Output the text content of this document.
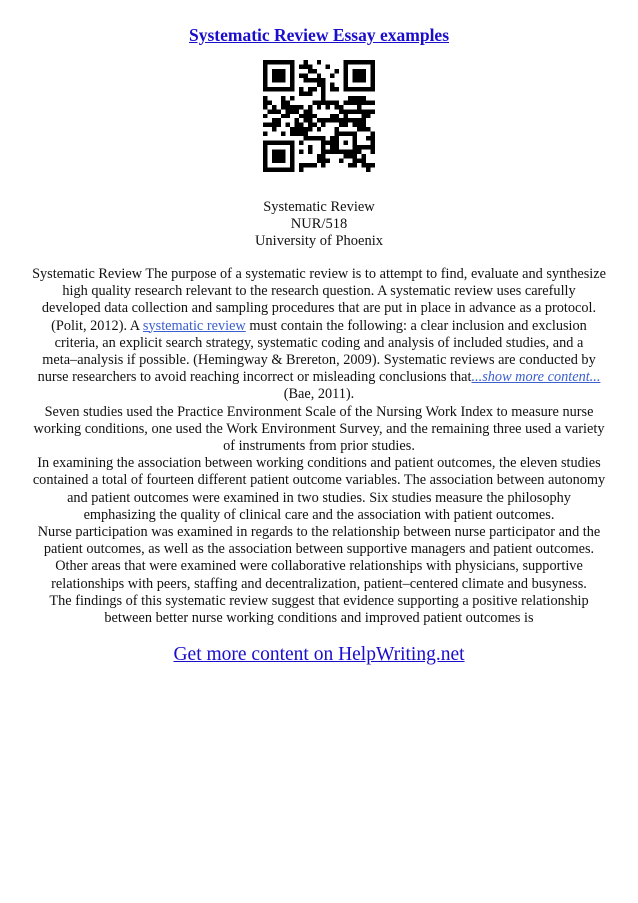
Systematic Review Essay examples
Systematic Review
NUR/518
University of Phoenix
Systematic Review The purpose of a systematic review is to attempt to find, evaluate and synthesize
high quality research relevant to the research question. A systematic review uses carefully
developed data collection and sampling procedures that are put in place in advance as a protocol.
(Polit, 2012). A systematic review must contain the following: a clear inclusion and exclusion
criteria, an explicit search strategy, systematic coding and analysis of included studies, and a
meta–analysis if possible. (Hemingway & Brereton, 2009). Systematic reviews are conducted by
nurse researchers to avoid reaching incorrect or misleading conclusions that...show more content...
(Bae, 2011).
Seven studies used the Practice Environment Scale of the Nursing Work Index to measure nurse
working conditions, one used the Work Environment Survey, and the remaining three used a variety
of instruments from prior studies.
In examining the association between working conditions and patient outcomes, the eleven studies
contained a total of fourteen different patient outcome variables. The association between autonomy
and patient outcomes were examined in two studies. Six studies measure the philosophy
emphasizing the quality of clinical care and the association with patient outcomes.
Nurse participation was examined in regards to the relationship between nurse participator and the
patient outcomes, as well as the association between supportive managers and patient outcomes.
Other areas that were examined were collaborative relationships with physicians, supportive
relationships with peers, staffing and decentralization, patient–centered climate and busyness.
The findings of this systematic review suggest that evidence supporting a positive relationship
between better nurse working conditions and improved patient outcomes is
Get more content on HelpWriting.net
